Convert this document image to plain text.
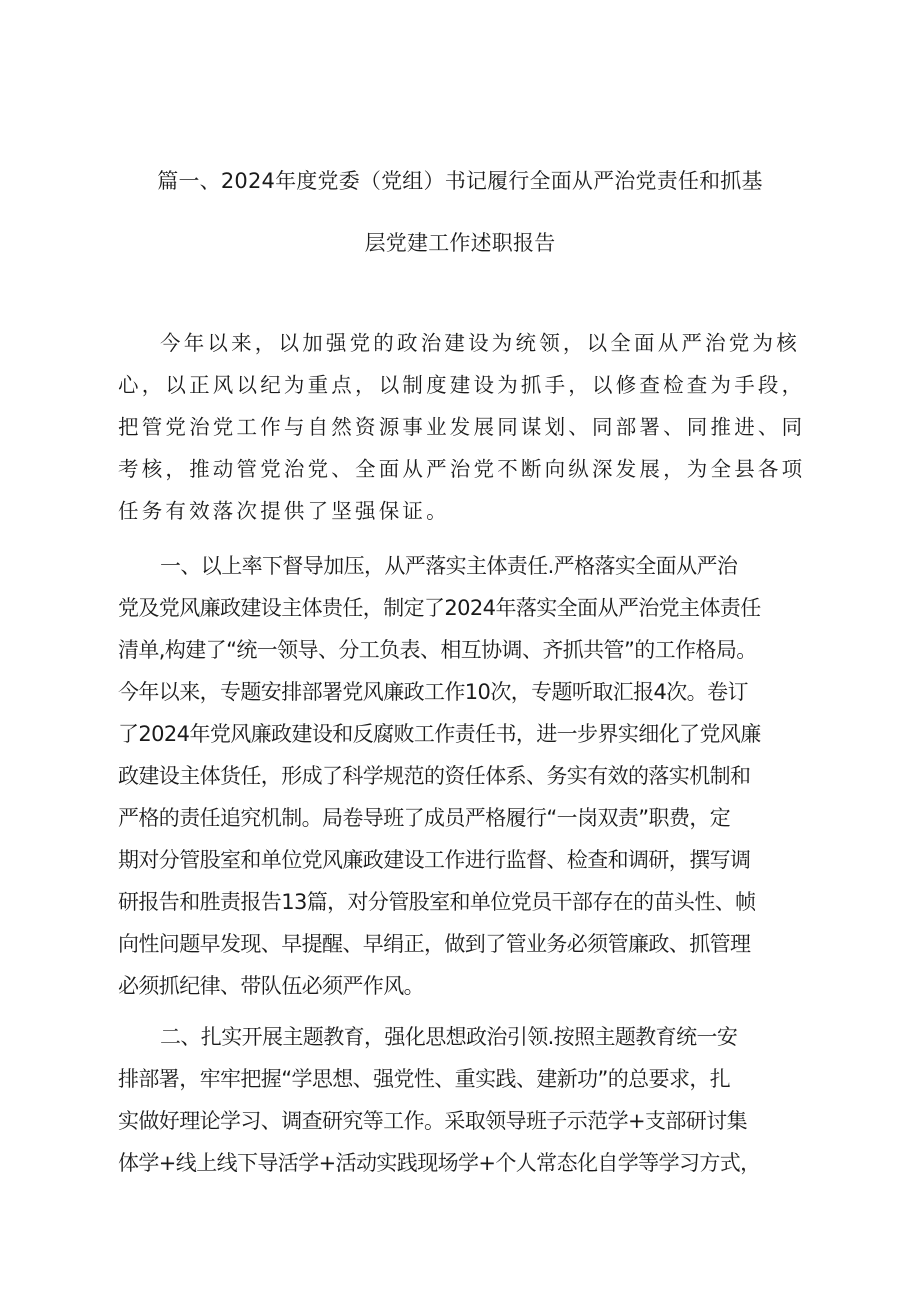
篇一、2024年度党委（党组）书记履行全面从严治党责任和抓基
层党建工作述职报告
今年以来，以加强党的政治建设为统领，以全面从严治党为核
心，以正风以纪为重点，以制度建设为抓手，以修查检查为手段，
把管党治党工作与自然资源事业发展同谋划、同部署、同推进、同
考核，推动管党治党、全面从严治党不断向纵深发展，为全县各项
任务有效落次提供了坚强保证。
一、以上率下督导加压，从严落实主体责任.严格落实全面从严治
党及党风廉政建设主体贵任，制定了2024年落实全面从严治党主体责任
清单,构建了“统一领导、分工负表、相互协调、齐抓共管”的工作格局。
今年以来，专题安排部署党风廉政工作10次，专题听取汇报4次。卷订
了2024年党风廉政建设和反腐败工作责任书，进一步界实细化了党风廉
政建设主体货任，形成了科学规范的资任体系、务实有效的落实机制和
严格的责任追究机制。局卷导班了成员严格履行“一岗双责”职费，定
期对分管股室和单位党风廉政建设工作进行监督、检查和调研，撰写调
研报告和胜责报告13篇，对分管股室和单位党员干部存在的苗头性、帧
向性问题早发现、早提醒、早绢正，做到了管业务必须管廉政、抓管理
必须抓纪律、带队伍必须严作风。
二、扎实开展主题教育，强化思想政治引领.按照主题教育统一安
排部署，牢牢把握“学思想、强党性、重实践、建新功”的总要求，扎
实做好理论学习、调查研究等工作。采取领导班子示范学+支部研讨集
体学+线上线下导活学+活动实践现场学+个人常态化自学等学习方式，
